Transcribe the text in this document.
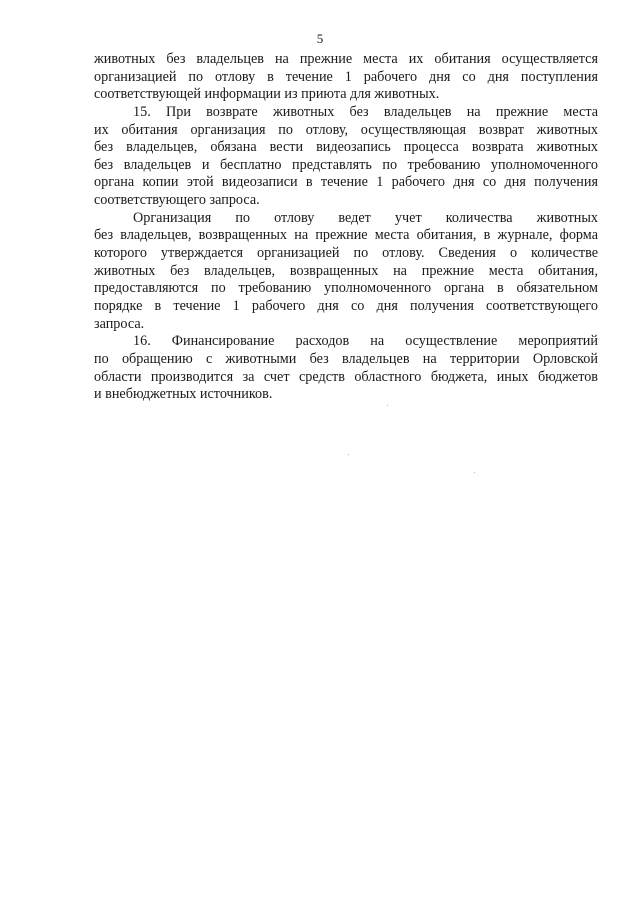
5
животных без владельцев на прежние места их обитания осуществляется
организацией по отлову в течение 1 рабочего дня со дня поступления
соответствующей информации из приюта для животных.
15. При возврате животных без владельцев на прежние места
их обитания организация по отлову, осуществляющая возврат животных
без владельцев, обязана вести видеозапись процесса возврата животных
без владельцев и бесплатно представлять по требованию уполномоченного
органа копии этой видеозаписи в течение 1 рабочего дня со дня получения
соответствующего запроса.
Организация по отлову ведет учет количества животных
без владельцев, возвращенных на прежние места обитания, в журнале, форма
которого утверждается организацией по отлову. Сведения о количестве
животных без владельцев, возвращенных на прежние места обитания,
предоставляются по требованию уполномоченного органа в обязательном
порядке в течение 1 рабочего дня со дня получения соответствующего
запроса.
16. Финансирование расходов на осуществление мероприятий
по обращению с животными без владельцев на территории Орловской
области производится за счет средств областного бюджета, иных бюджетов
и внебюджетных источников.
